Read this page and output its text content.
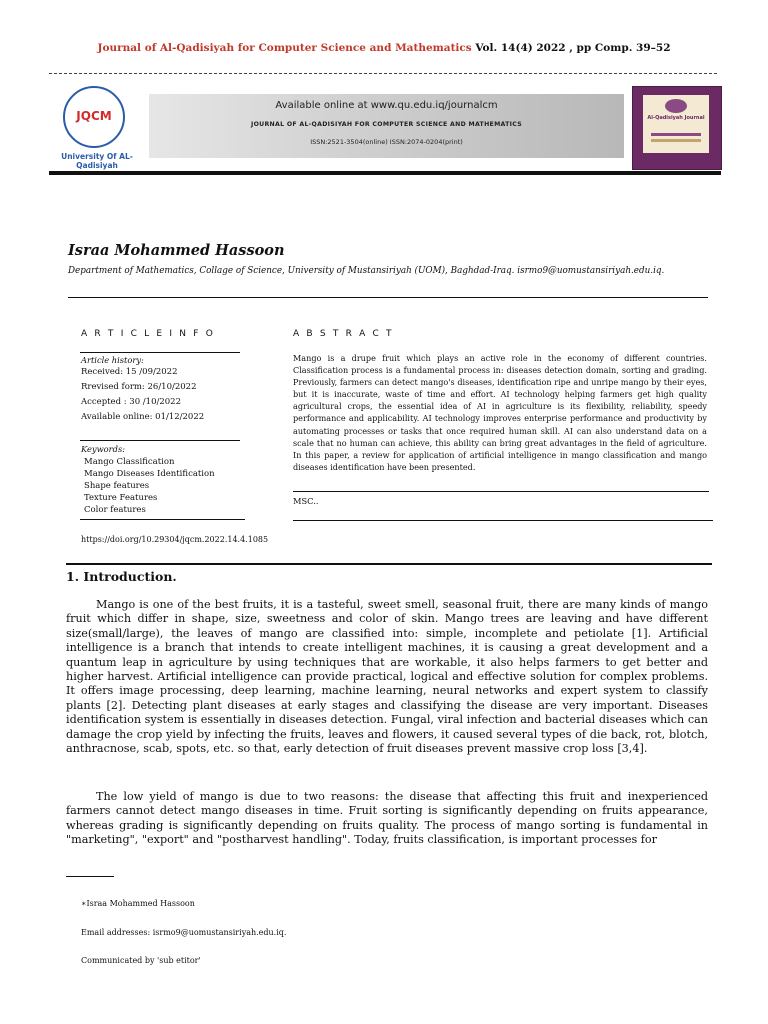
Journal of Al-Qadisiyah for Computer Science and Mathematics Vol. 14(4) 2022 , pp Comp. 39–52
JQCM
University Of AL-Qadisiyah
Available online at www.qu.edu.iq/journalcm
JOURNAL OF AL-QADISIYAH FOR COMPUTER SCIENCE AND MATHEMATICS
ISSN:2521-3504(online) ISSN:2074-0204(print)
Al-Qadisiyah Journal
Israa Mohammed Hassoon
Department of Mathematics, Collage of Science, University of Mustansiriyah (UOM), Baghdad-Iraq. isrmo9@uomustansiriyah.edu.iq.
A R T I C L E I N F O	A B S T R A C T
Article history:
Received: 15 /09/2022
Rrevised form: 26/10/2022
Accepted : 30 /10/2022
Available online: 01/12/2022
Keywords:
Mango Classification
Mango Diseases Identification
Shape features
Texture Features
Color features
Mango is a drupe fruit which plays an active role in the economy of different countries. Classification process is a fundamental process in: diseases detection domain, sorting and grading. Previously, farmers can detect mango's diseases, identification ripe and unripe mango by their eyes, but it is inaccurate, waste of time and effort. AI technology helping farmers get high quality agricultural crops, the essential idea of AI in agriculture is its flexibility, reliability, speedy performance and applicability. AI technology improves enterprise performance and productivity by automating processes or tasks that once required human skill. AI can also understand data on a scale that no human can achieve, this ability can bring great advantages in the field of agriculture. In this paper, a review for application of artificial intelligence in mango classification and mango diseases identification have been presented.
MSC..
https://doi.org/10.29304/jqcm.2022.14.4.1085
1. Introduction.
Mango is one of the best fruits, it is a tasteful, sweet smell, seasonal fruit, there are many kinds of mango fruit which differ in shape, size, sweetness and color of skin. Mango trees are leaving and have different size(small/large), the leaves of mango are classified into: simple, incomplete and petiolate [1]. Artificial intelligence is a branch that intends to create intelligent machines, it is causing a great development and a quantum leap in agriculture by using techniques that are workable, it also helps farmers to get better and higher harvest. Artificial intelligence can provide practical, logical and effective solution for complex problems. It offers image processing, deep learning, machine learning, neural networks and expert system to classify plants [2]. Detecting plant diseases at early stages and classifying the disease are very important. Diseases identification system is essentially in diseases detection. Fungal, viral infection and bacterial diseases which can damage the crop yield by infecting the fruits, leaves and flowers, it caused several types of die back, rot, blotch, anthracnose, scab, spots, etc. so that, early detection of fruit diseases prevent massive crop loss [3,4].
The low yield of mango is due to two reasons: the disease that affecting this fruit and inexperienced farmers cannot detect mango diseases in time. Fruit sorting is significantly depending on fruits appearance, whereas grading is significantly depending on fruits quality. The process of mango sorting is fundamental in "marketing", "export" and "postharvest handling". Today, fruits classification, is important processes for
∗Israa Mohammed Hassoon
Email addresses: isrmo9@uomustansiriyah.edu.iq.
Communicated by 'sub etitor'
